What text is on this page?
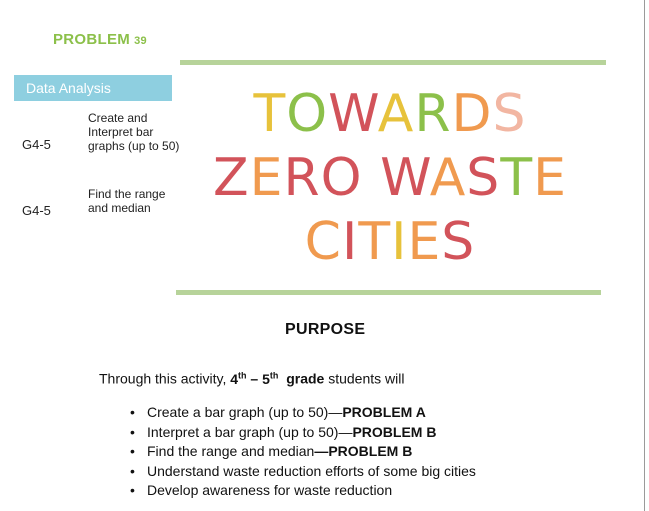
PROBLEM 39
Data Analysis
G4-5
Create and Interpret bar graphs (up to 50)
G4-5
Find the range and median
TOWARDS
ZERO WASTE
CITIES
PURPOSE
Through this activity, 4th – 5th  grade students will
• Create a bar graph (up to 50)—PROBLEM A
• Interpret a bar graph (up to 50)—PROBLEM B
• Find the range and median—PROBLEM B
• Understand waste reduction efforts of some big cities
• Develop awareness for waste reduction
